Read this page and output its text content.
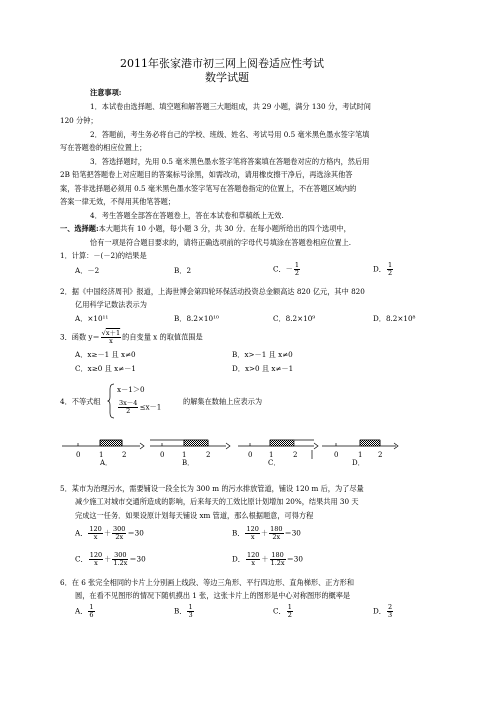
2011年张家港市初三网上阅卷适应性考试
数学试题
注意事项:
1．本试卷由选择题、填空题和解答题三大题组成，共 29 小题，满分 130 分，考试时间
120 分钟；
2．答题前，考生务必将自己的学校、班级、姓名、考试号用 0.5 毫米黑色墨水签字笔填
写在答题卷的相应位置上；
3．答选择题时，先用 0.5 毫米黑色墨水签字笔将答案填在答题卷对应的方格内，然后用
2B 铅笔把答题卷上对应题目的答案标号涂黑，如需改动，请用橡皮擦干净后，再选涂其他答
案，答非选择题必须用 0.5 毫米黑色墨水签字笔写在答题卷指定的位置上，不在答题区域内的
答案一律无效，不得用其他笔答题；
4．考生答题全部答在答题卷上，答在本试卷和草稿纸上无效.
一、选择题:本大题共有 10 小题，每小题 3 分，共 30 分．在每小题所给出的四个选项中，
恰有一项是符合题目要求的，请将正确选项前的字母代号填涂在答题卷相应位置上.
1．计算：－(－2)的结果是
A．－2	B．2	C．－ $\frac{1}{2}$	D． $\frac{1}{2}$
2．据《中国经济周刊》报道，上海世博会第四轮环保活动投资总金额高达 820 亿元，其中 820
亿用科学记数法表示为
A．×10¹¹	B．8.2×10¹⁰	C．8.2×10⁹	D．8.2×10⁸
3．函数 $y= \frac{√x+1}{x}$ 的自变量 x 的取值范围是
A．x≥－1 且 x≠0	B．x>－1 且 x≠0
C．x≥0 且 x≠－1	D．x>0 且 x≠－1
4．不等式组
x－1＞0
$\frac{3x-4}{2} \le x-1$
的解集在数轴上应表示为
0	1	2
A．
0	1	2
B．
0 1	2
C．
0	1 2
D．
5．某市为治理污水，需要铺设一段全长为 300 m 的污水排放管道，铺设 120 m 后，为了尽量
减少施工对城市交通所造成的影响，后来每天的工效比原计划增加 20%，结果共用 30 天
完成这一任务．如果设原计划每天铺设 xm 管道，那么根据题意，可得方程
A． $\frac{120}{x} + \frac{300}{2x} =30$	B． $\frac{120}{x} + \frac{180}{2x} =30$
C． $\frac{120}{x} + \frac{300}{1.2x} =30$	D． $\frac{120}{x} + \frac{180}{1.2x} =30$
6．在 6 张完全相同的卡片上分别画上线段、等边三角形、平行四边形、直角梯形、正方形和
圆，在看不见图形的情况下随机摸出 1 张，这张卡片上的图形是中心对称图形的概率是
A． $\frac{1}{6}$	B． $\frac{1}{3}$	C． $\frac{1}{2}$	D． $\frac{2}{3}$
